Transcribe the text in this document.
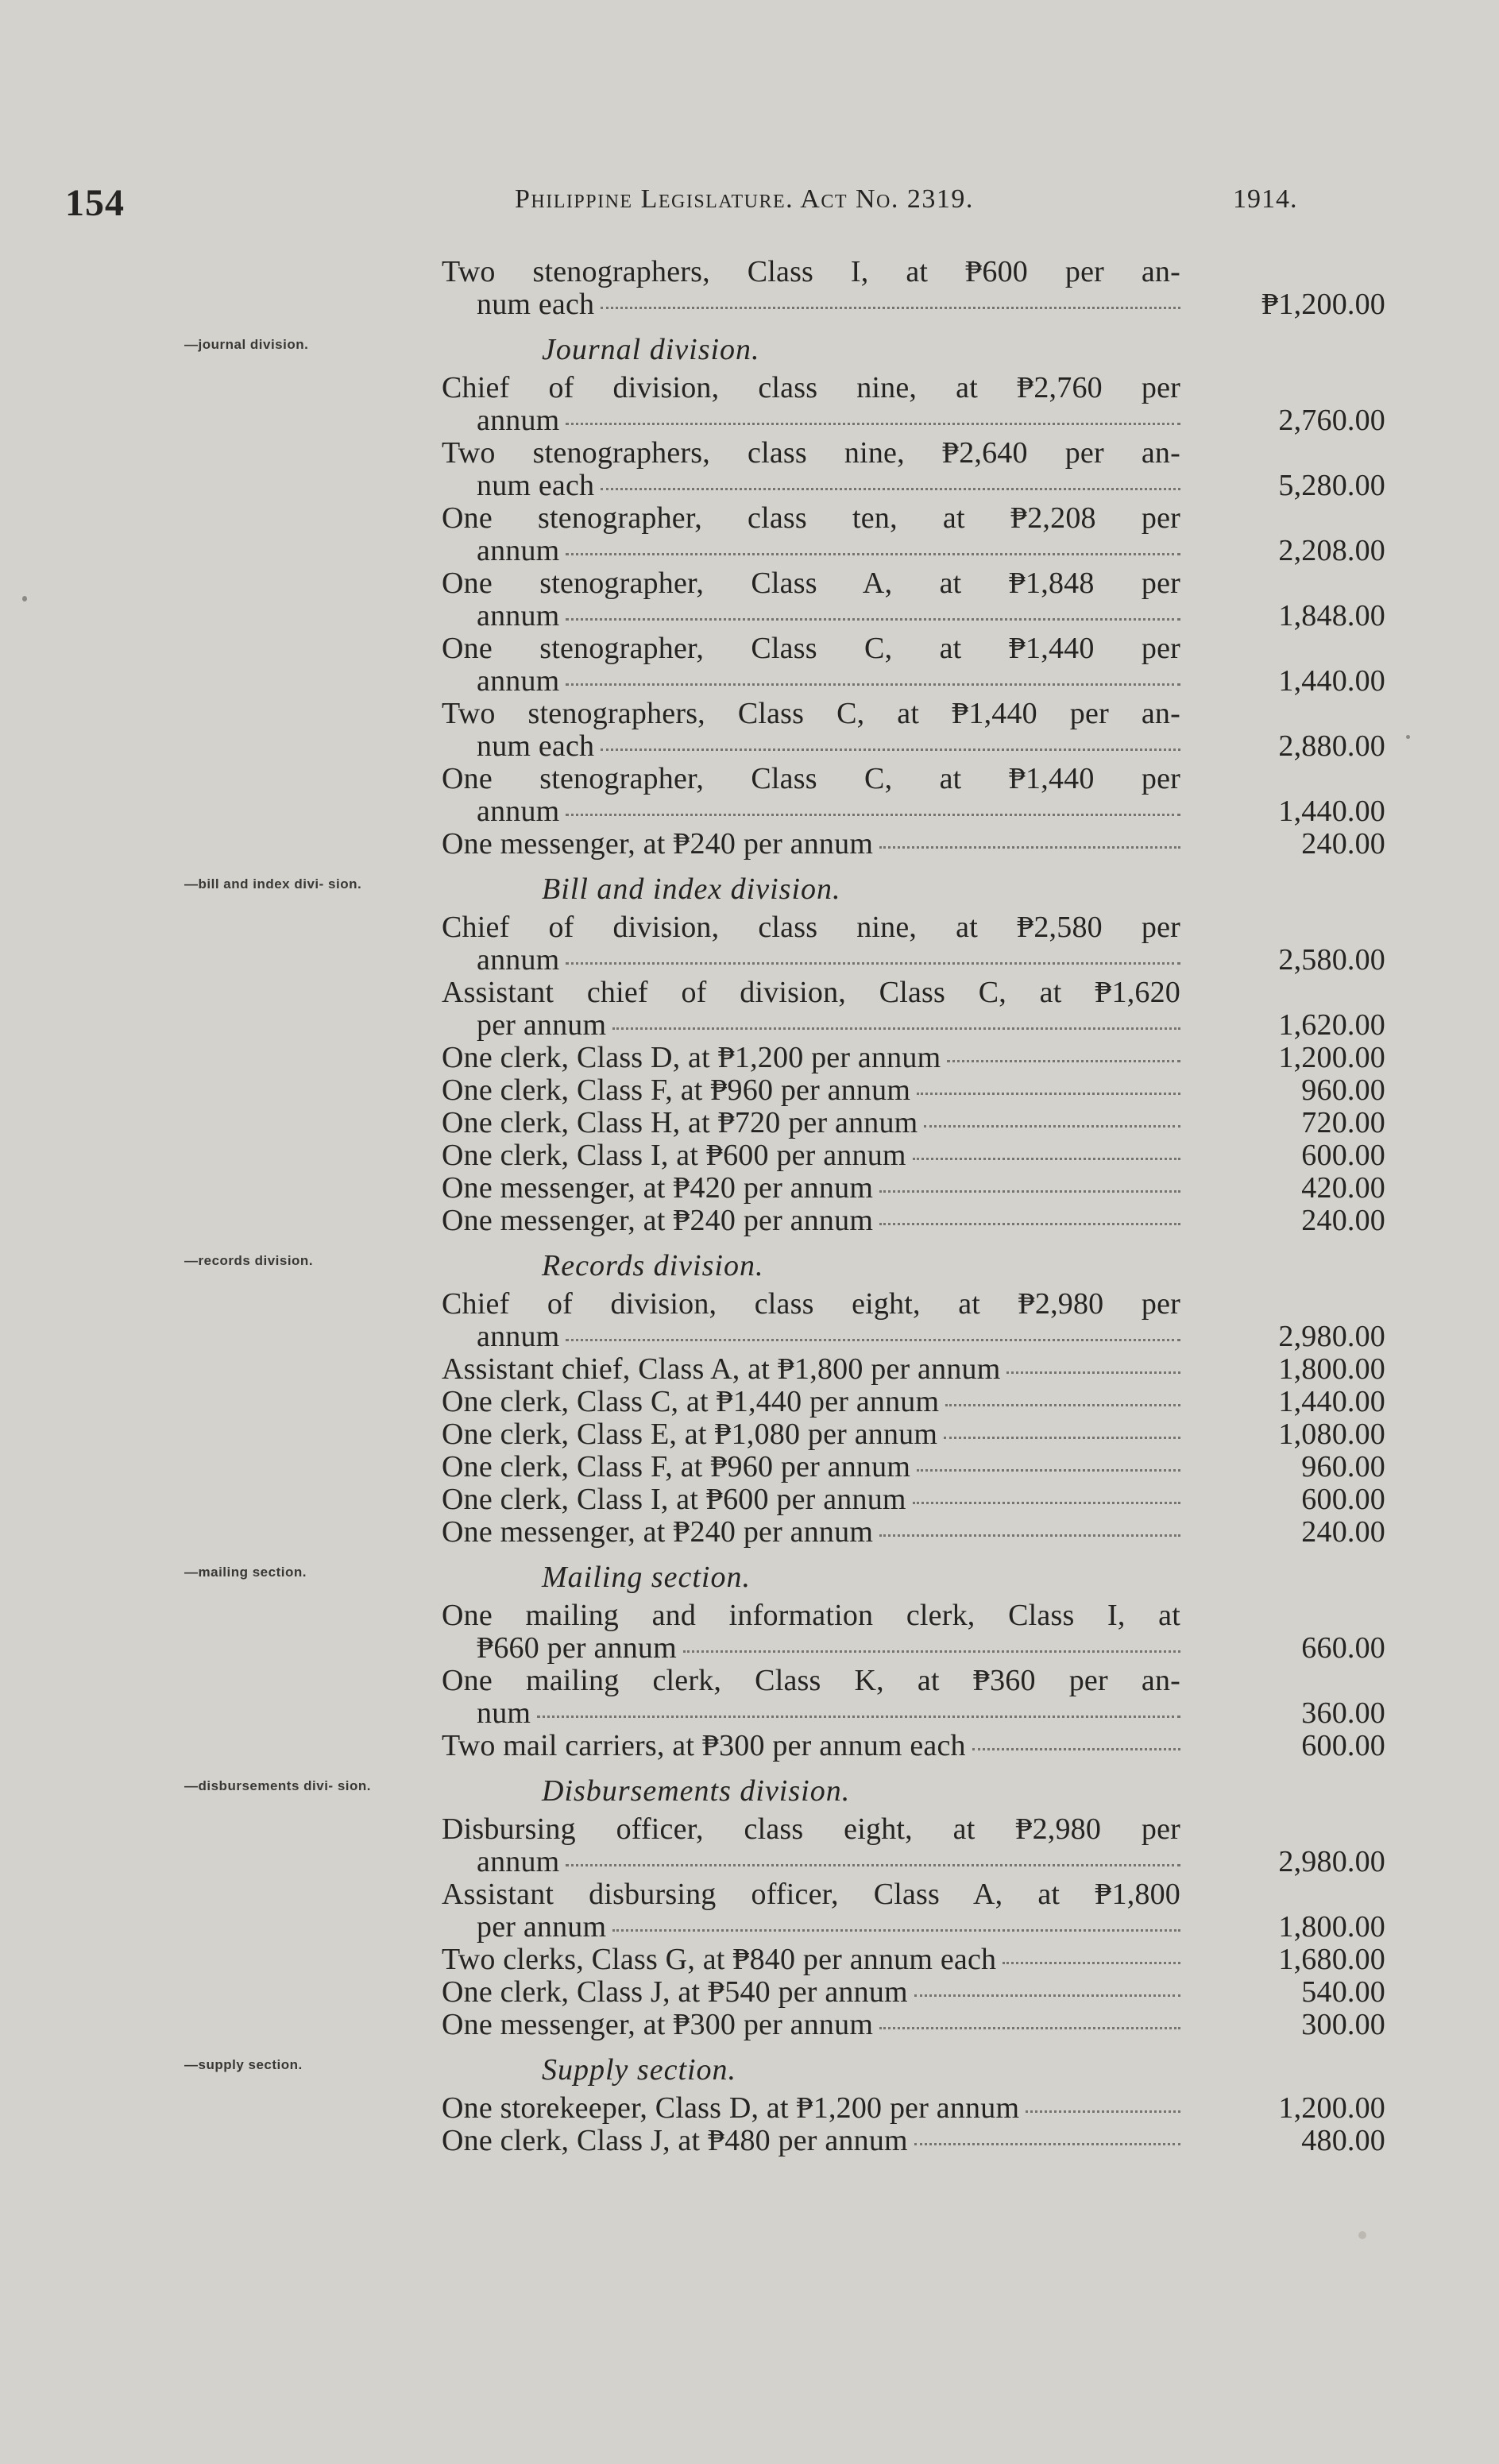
154	Philippine Legislature. Act No. 2319.	1914.
Two stenographers, Class I, at ₱600 per an-
num each	₱1,200.00
Journal division.
—journal division.
Chief of division, class nine, at ₱2,760 per
annum	2,760.00
Two stenographers, class nine, ₱2,640 per an-
num each	5,280.00
One stenographer, class ten, at ₱2,208 per
annum	2,208.00
One stenographer, Class A, at ₱1,848 per
annum	1,848.00
One stenographer, Class C, at ₱1,440 per
annum	1,440.00
Two stenographers, Class C, at ₱1,440 per an-
num each	2,880.00
One stenographer, Class C, at ₱1,440 per
annum	1,440.00
One messenger, at ₱240 per annum	240.00
Bill and index division.
—bill and index divi- sion.
Chief of division, class nine, at ₱2,580 per
annum	2,580.00
Assistant chief of division, Class C, at ₱1,620
per annum	1,620.00
One clerk, Class D, at ₱1,200 per annum	1,200.00
One clerk, Class F, at ₱960 per annum	960.00
One clerk, Class H, at ₱720 per annum	720.00
One clerk, Class I, at ₱600 per annum	600.00
One messenger, at ₱420 per annum	420.00
One messenger, at ₱240 per annum	240.00
Records division.
—records division.
Chief of division, class eight, at ₱2,980 per
annum	2,980.00
Assistant chief, Class A, at ₱1,800 per annum	1,800.00
One clerk, Class C, at ₱1,440 per annum	1,440.00
One clerk, Class E, at ₱1,080 per annum	1,080.00
One clerk, Class F, at ₱960 per annum	960.00
One clerk, Class I, at ₱600 per annum	600.00
One messenger, at ₱240 per annum	240.00
Mailing section.
—mailing section.
One mailing and information clerk, Class I, at
₱660 per annum	660.00
One mailing clerk, Class K, at ₱360 per an-
num	360.00
Two mail carriers, at ₱300 per annum each	600.00
Disbursements division.
—disbursements divi- sion.
Disbursing officer, class eight, at ₱2,980 per
annum	2,980.00
Assistant disbursing officer, Class A, at ₱1,800
per annum	1,800.00
Two clerks, Class G, at ₱840 per annum each	1,680.00
One clerk, Class J, at ₱540 per annum	540.00
One messenger, at ₱300 per annum	300.00
Supply section.
—supply section.
One storekeeper, Class D, at ₱1,200 per annum	1,200.00
One clerk, Class J, at ₱480 per annum	480.00
